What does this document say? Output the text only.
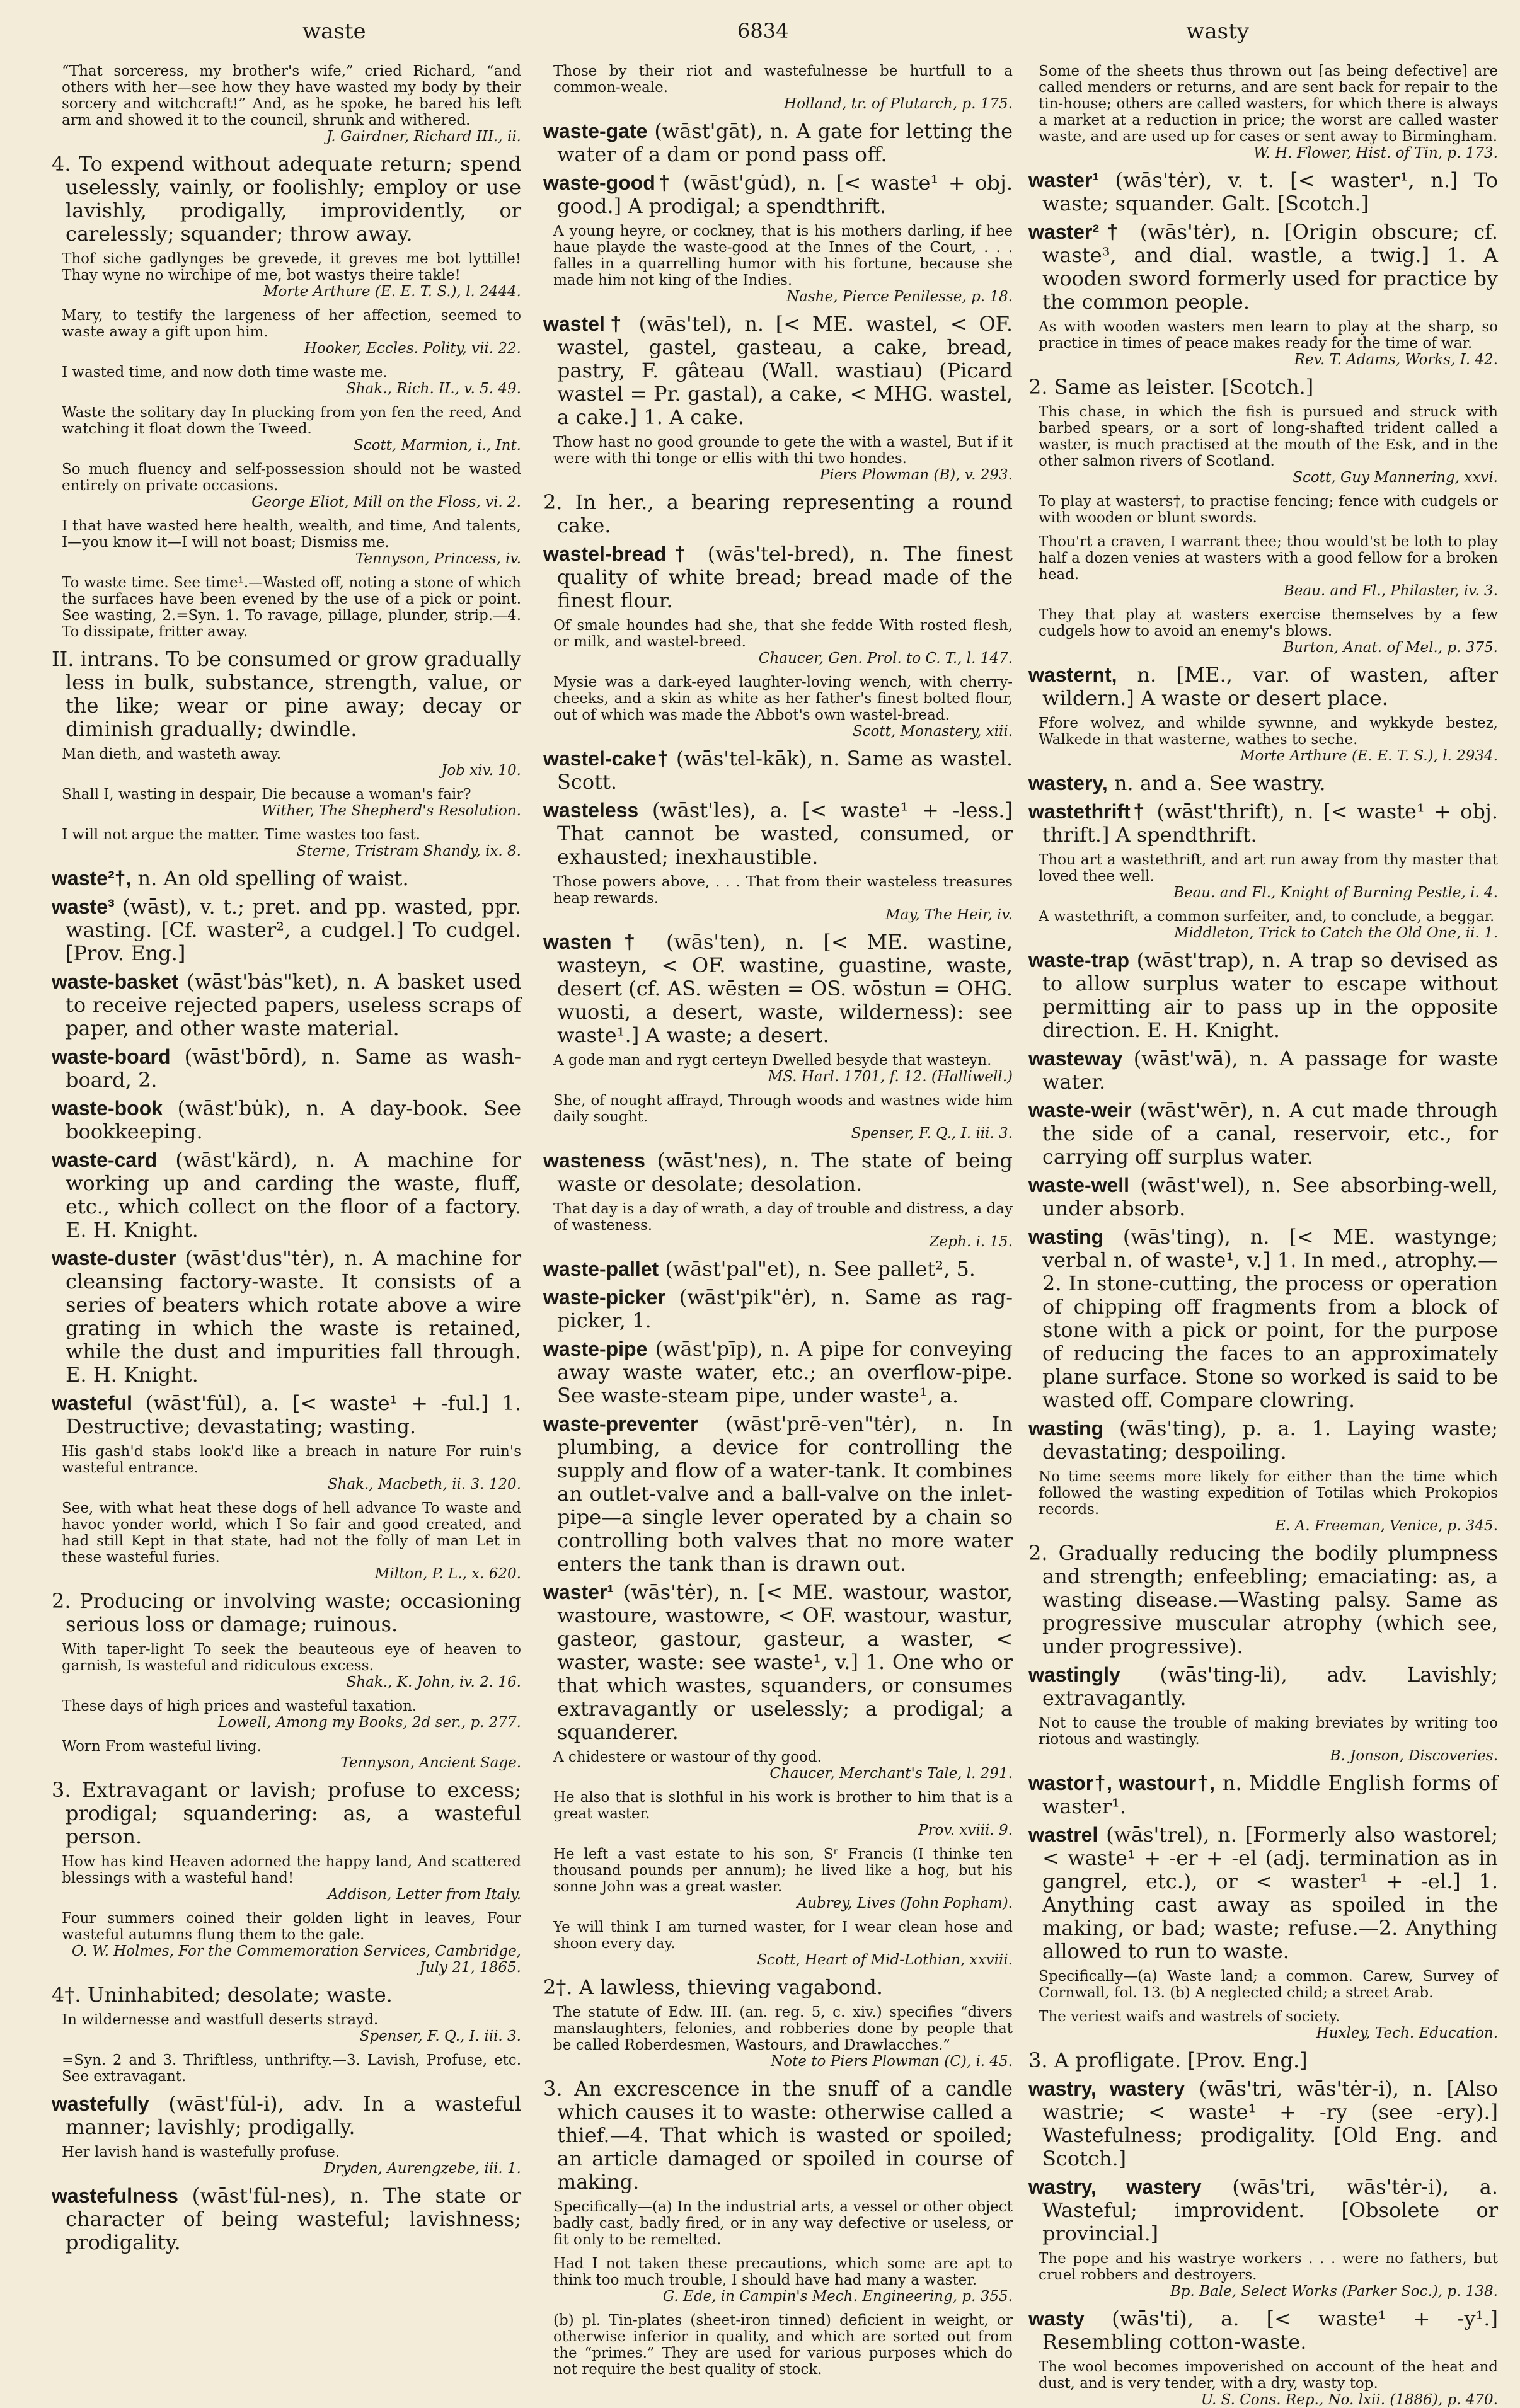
waste	6834	wasty
“That sorceress, my brother's wife,” cried Richard, “and others with her—see how they have wasted my body by their sorcery and witchcraft!” And, as he spoke, he bared his left arm and showed it to the council, shrunk and withered.
J. Gairdner, Richard III., ii.
4. To expend without adequate return; spend uselessly, vainly, or foolishly; employ or use lavishly, prodigally, improvidently, or carelessly; squander; throw away.
Thof siche gadlynges be grevede, it greves me bot lyttille! Thay wyne no wirchipe of me, bot wastys theire takle!
Morte Arthure (E. E. T. S.), l. 2444.
Mary, to testify the largeness of her affection, seemed to waste away a gift upon him.
Hooker, Eccles. Polity, vii. 22.
I wasted time, and now doth time waste me.
Shak., Rich. II., v. 5. 49.
Waste the solitary day In plucking from yon fen the reed, And watching it float down the Tweed.
Scott, Marmion, i., Int.
So much fluency and self-possession should not be wasted entirely on private occasions.
George Eliot, Mill on the Floss, vi. 2.
I that have wasted here health, wealth, and time, And talents, I—you know it—I will not boast; Dismiss me.
Tennyson, Princess, iv.
To waste time. See time¹.—Wasted off, noting a stone of which the surfaces have been evened by the use of a pick or point. See wasting, 2.=Syn. 1. To ravage, pillage, plunder, strip.—4. To dissipate, fritter away.
II. intrans. To be consumed or grow gradually less in bulk, substance, strength, value, or the like; wear or pine away; decay or diminish gradually; dwindle.
Man dieth, and wasteth away.
Job xiv. 10.
Shall I, wasting in despair, Die because a woman's fair?
Wither, The Shepherd's Resolution.
I will not argue the matter. Time wastes too fast.
Sterne, Tristram Shandy, ix. 8.
waste²†, n. An old spelling of waist.
waste³ (wāst), v. t.; pret. and pp. wasted, ppr. wasting. [Cf. waster², a cudgel.] To cudgel. [Prov. Eng.]
waste-basket (wāst'bȧs"ket), n. A basket used to receive rejected papers, useless scraps of paper, and other waste material.
waste-board (wāst'bōrd), n. Same as wash-board, 2.
waste-book (wāst'bu̇k), n. A day-book. See bookkeeping.
waste-card (wāst'kärd), n. A machine for working up and carding the waste, fluff, etc., which collect on the floor of a factory. E. H. Knight.
waste-duster (wāst'dus"tėr), n. A machine for cleansing factory-waste. It consists of a series of beaters which rotate above a wire grating in which the waste is retained, while the dust and impurities fall through. E. H. Knight.
wasteful (wāst'fu̇l), a. [< waste¹ + -ful.] 1. Destructive; devastating; wasting.
His gash'd stabs look'd like a breach in nature For ruin's wasteful entrance.
Shak., Macbeth, ii. 3. 120.
See, with what heat these dogs of hell advance To waste and havoc yonder world, which I So fair and good created, and had still Kept in that state, had not the folly of man Let in these wasteful furies.
Milton, P. L., x. 620.
2. Producing or involving waste; occasioning serious loss or damage; ruinous.
With taper-light To seek the beauteous eye of heaven to garnish, Is wasteful and ridiculous excess.
Shak., K. John, iv. 2. 16.
These days of high prices and wasteful taxation.
Lowell, Among my Books, 2d ser., p. 277.
Worn From wasteful living.
Tennyson, Ancient Sage.
3. Extravagant or lavish; profuse to excess; prodigal; squandering: as, a wasteful person.
How has kind Heaven adorned the happy land, And scattered blessings with a wasteful hand!
Addison, Letter from Italy.
Four summers coined their golden light in leaves, Four wasteful autumns flung them to the gale.
O. W. Holmes, For the Commemoration Services, Cambridge, July 21, 1865.
4†. Uninhabited; desolate; waste.
In wildernesse and wastfull deserts strayd.
Spenser, F. Q., I. iii. 3.
=Syn. 2 and 3. Thriftless, unthrifty.—3. Lavish, Profuse, etc. See extravagant.
wastefully (wāst'fu̇l-i), adv. In a wasteful manner; lavishly; prodigally.
Her lavish hand is wastefully profuse.
Dryden, Aurengzebe, iii. 1.
wastefulness (wāst'fu̇l-nes), n. The state or character of being wasteful; lavishness; prodigality.
Those by their riot and wastefulnesse be hurtfull to a common-weale.
Holland, tr. of Plutarch, p. 175.
waste-gate (wāst'gāt), n. A gate for letting the water of a dam or pond pass off.
waste-good† (wāst'gu̇d), n. [< waste¹ + obj. good.] A prodigal; a spendthrift.
A young heyre, or cockney, that is his mothers darling, if hee haue playde the waste-good at the Innes of the Court, . . . falles in a quarrelling humor with his fortune, because she made him not king of the Indies.
Nashe, Pierce Penilesse, p. 18.
wastel† (wās'tel), n. [< ME. wastel, < OF. wastel, gastel, gasteau, a cake, bread, pastry, F. gâteau (Wall. wastiau) (Picard wastel = Pr. gastal), a cake, < MHG. wastel, a cake.] 1. A cake.
Thow hast no good grounde to gete the with a wastel, But if it were with thi tonge or ellis with thi two hondes.
Piers Plowman (B), v. 293.
2. In her., a bearing representing a round cake.
wastel-bread† (wās'tel-bred), n. The finest quality of white bread; bread made of the finest flour.
Of smale houndes had she, that she fedde With rosted flesh, or milk, and wastel-breed.
Chaucer, Gen. Prol. to C. T., l. 147.
Mysie was a dark-eyed laughter-loving wench, with cherry-cheeks, and a skin as white as her father's finest bolted flour, out of which was made the Abbot's own wastel-bread.
Scott, Monastery, xiii.
wastel-cake† (wās'tel-kāk), n. Same as wastel. Scott.
wasteless (wāst'les), a. [< waste¹ + -less.] That cannot be wasted, consumed, or exhausted; inexhaustible.
Those powers above, . . . That from their wasteless treasures heap rewards.
May, The Heir, iv.
wasten† (wās'ten), n. [< ME. wastine, wasteyn, < OF. wastine, guastine, waste, desert (cf. AS. wēsten = OS. wōstun = OHG. wuosti, a desert, waste, wilderness): see waste¹.] A waste; a desert.
A gode man and rygt certeyn Dwelled besyde that wasteyn.
MS. Harl. 1701, f. 12. (Halliwell.)
She, of nought affrayd, Through woods and wastnes wide him daily sought.
Spenser, F. Q., I. iii. 3.
wasteness (wāst'nes), n. The state of being waste or desolate; desolation.
That day is a day of wrath, a day of trouble and distress, a day of wasteness.
Zeph. i. 15.
waste-pallet (wāst'pal"et), n. See pallet², 5.
waste-picker (wāst'pik"ėr), n. Same as rag-picker, 1.
waste-pipe (wāst'pīp), n. A pipe for conveying away waste water, etc.; an overflow-pipe. See waste-steam pipe, under waste¹, a.
waste-preventer (wāst'prē-ven"tėr), n. In plumbing, a device for controlling the supply and flow of a water-tank. It combines an outlet-valve and a ball-valve on the inlet-pipe—a single lever operated by a chain so controlling both valves that no more water enters the tank than is drawn out.
waster¹ (wās'tėr), n. [< ME. wastour, wastor, wastoure, wastowre, < OF. wastour, wastur, gasteor, gastour, gasteur, a waster, < waster, waste: see waste¹, v.] 1. One who or that which wastes, squanders, or consumes extravagantly or uselessly; a prodigal; a squanderer.
A chidestere or wastour of thy good.
Chaucer, Merchant's Tale, l. 291.
He also that is slothful in his work is brother to him that is a great waster.
Prov. xviii. 9.
He left a vast estate to his son, Sʳ Francis (I thinke ten thousand pounds per annum); he lived like a hog, but his sonne John was a great waster.
Aubrey, Lives (John Popham).
Ye will think I am turned waster, for I wear clean hose and shoon every day.
Scott, Heart of Mid-Lothian, xxviii.
2†. A lawless, thieving vagabond.
The statute of Edw. III. (an. reg. 5, c. xiv.) specifies “divers manslaughters, felonies, and robberies done by people that be called Roberdesmen, Wastours, and Drawlacches.”
Note to Piers Plowman (C), i. 45.
3. An excrescence in the snuff of a candle which causes it to waste: otherwise called a thief.—4. That which is wasted or spoiled; an article damaged or spoiled in course of making.
Specifically—(a) In the industrial arts, a vessel or other object badly cast, badly fired, or in any way defective or useless, or fit only to be remelted.
Had I not taken these precautions, which some are apt to think too much trouble, I should have had many a waster.
G. Ede, in Campin's Mech. Engineering, p. 355.
(b) pl. Tin-plates (sheet-iron tinned) deficient in weight, or otherwise inferior in quality, and which are sorted out from the “primes.” They are used for various purposes which do not require the best quality of stock.
Some of the sheets thus thrown out [as being defective] are called menders or returns, and are sent back for repair to the tin-house; others are called wasters, for which there is always a market at a reduction in price; the worst are called waster waste, and are used up for cases or sent away to Birmingham.
W. H. Flower, Hist. of Tin, p. 173.
waster¹ (wās'tėr), v. t. [< waster¹, n.] To waste; squander. Galt. [Scotch.]
waster²† (wās'tėr), n. [Origin obscure; cf. waste³, and dial. wastle, a twig.] 1. A wooden sword formerly used for practice by the common people.
As with wooden wasters men learn to play at the sharp, so practice in times of peace makes ready for the time of war.
Rev. T. Adams, Works, I. 42.
2. Same as leister. [Scotch.]
This chase, in which the fish is pursued and struck with barbed spears, or a sort of long-shafted trident called a waster, is much practised at the mouth of the Esk, and in the other salmon rivers of Scotland.
Scott, Guy Mannering, xxvi.
To play at wasters†, to practise fencing; fence with cudgels or with wooden or blunt swords.
Thou'rt a craven, I warrant thee; thou would'st be loth to play half a dozen venies at wasters with a good fellow for a broken head.
Beau. and Fl., Philaster, iv. 3.
They that play at wasters exercise themselves by a few cudgels how to avoid an enemy's blows.
Burton, Anat. of Mel., p. 375.
wasternt, n. [ME., var. of wasten, after wildern.] A waste or desert place.
Ffore wolvez, and whilde sywnne, and wykkyde bestez, Walkede in that wasterne, wathes to seche.
Morte Arthure (E. E. T. S.), l. 2934.
wastery, n. and a. See wastry.
wastethrift† (wāst'thrift), n. [< waste¹ + obj. thrift.] A spendthrift.
Thou art a wastethrift, and art run away from thy master that loved thee well.
Beau. and Fl., Knight of Burning Pestle, i. 4.
A wastethrift, a common surfeiter, and, to conclude, a beggar.
Middleton, Trick to Catch the Old One, ii. 1.
waste-trap (wāst'trap), n. A trap so devised as to allow surplus water to escape without permitting air to pass up in the opposite direction. E. H. Knight.
wasteway (wāst'wā), n. A passage for waste water.
waste-weir (wāst'wēr), n. A cut made through the side of a canal, reservoir, etc., for carrying off surplus water.
waste-well (wāst'wel), n. See absorbing-well, under absorb.
wasting (wās'ting), n. [< ME. wastynge; verbal n. of waste¹, v.] 1. In med., atrophy.—2. In stone-cutting, the process or operation of chipping off fragments from a block of stone with a pick or point, for the purpose of reducing the faces to an approximately plane surface. Stone so worked is said to be wasted off. Compare clowring.
wasting (wās'ting), p. a. 1. Laying waste; devastating; despoiling.
No time seems more likely for either than the time which followed the wasting expedition of Totilas which Prokopios records.
E. A. Freeman, Venice, p. 345.
2. Gradually reducing the bodily plumpness and strength; enfeebling; emaciating: as, a wasting disease.—Wasting palsy. Same as progressive muscular atrophy (which see, under progressive).
wastingly (wās'ting-li), adv. Lavishly; extravagantly.
Not to cause the trouble of making breviates by writing too riotous and wastingly.
B. Jonson, Discoveries.
wastor†, wastour†, n. Middle English forms of waster¹.
wastrel (wās'trel), n. [Formerly also wastorel; < waste¹ + -er + -el (adj. termination as in gangrel, etc.), or < waster¹ + -el.] 1. Anything cast away as spoiled in the making, or bad; waste; refuse.—2. Anything allowed to run to waste.
Specifically—(a) Waste land; a common. Carew, Survey of Cornwall, fol. 13. (b) A neglected child; a street Arab.
The veriest waifs and wastrels of society.
Huxley, Tech. Education.
3. A profligate. [Prov. Eng.]
wastry, wastery (wās'tri, wās'tėr-i), n. [Also wastrie; < waste¹ + -ry (see -ery).] Wastefulness; prodigality. [Old Eng. and Scotch.]
wastry, wastery (wās'tri, wās'tėr-i), a. Wasteful; improvident. [Obsolete or provincial.]
The pope and his wastrye workers . . . were no fathers, but cruel robbers and destroyers.
Bp. Bale, Select Works (Parker Soc.), p. 138.
wasty (wās'ti), a. [< waste¹ + -y¹.] Resembling cotton-waste.
The wool becomes impoverished on account of the heat and dust, and is very tender, with a dry, wasty top.
U. S. Cons. Rep., No. lxii. (1886), p. 470.
